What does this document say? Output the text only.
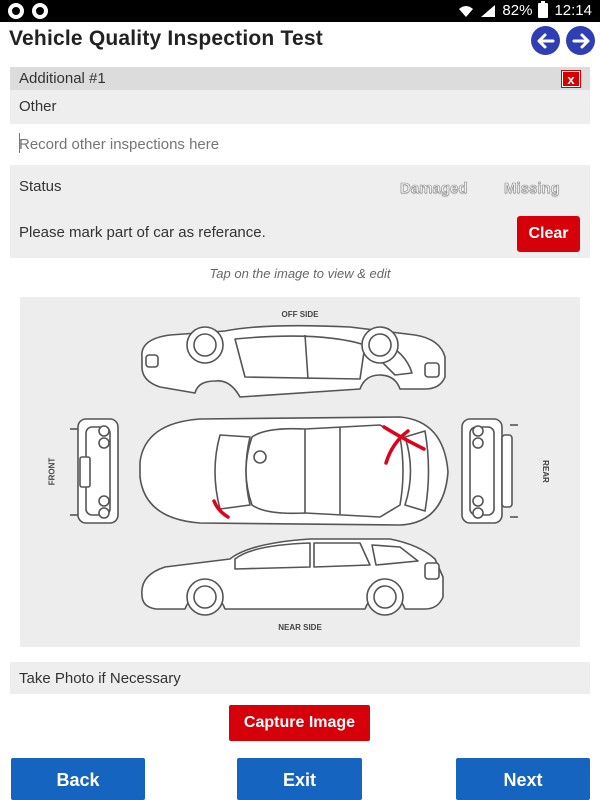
82% 12:14
Vehicle Quality Inspection Test
Additional #1	x
Other
Record other inspections here
Status	Damaged Missing
Please mark part of car as referance.	Clear
Tap on the image to view & edit
OFF SIDE
NEAR SIDE
FRONT	REAR
Take Photo if Necessary
Capture Image
Back	Exit	Next
